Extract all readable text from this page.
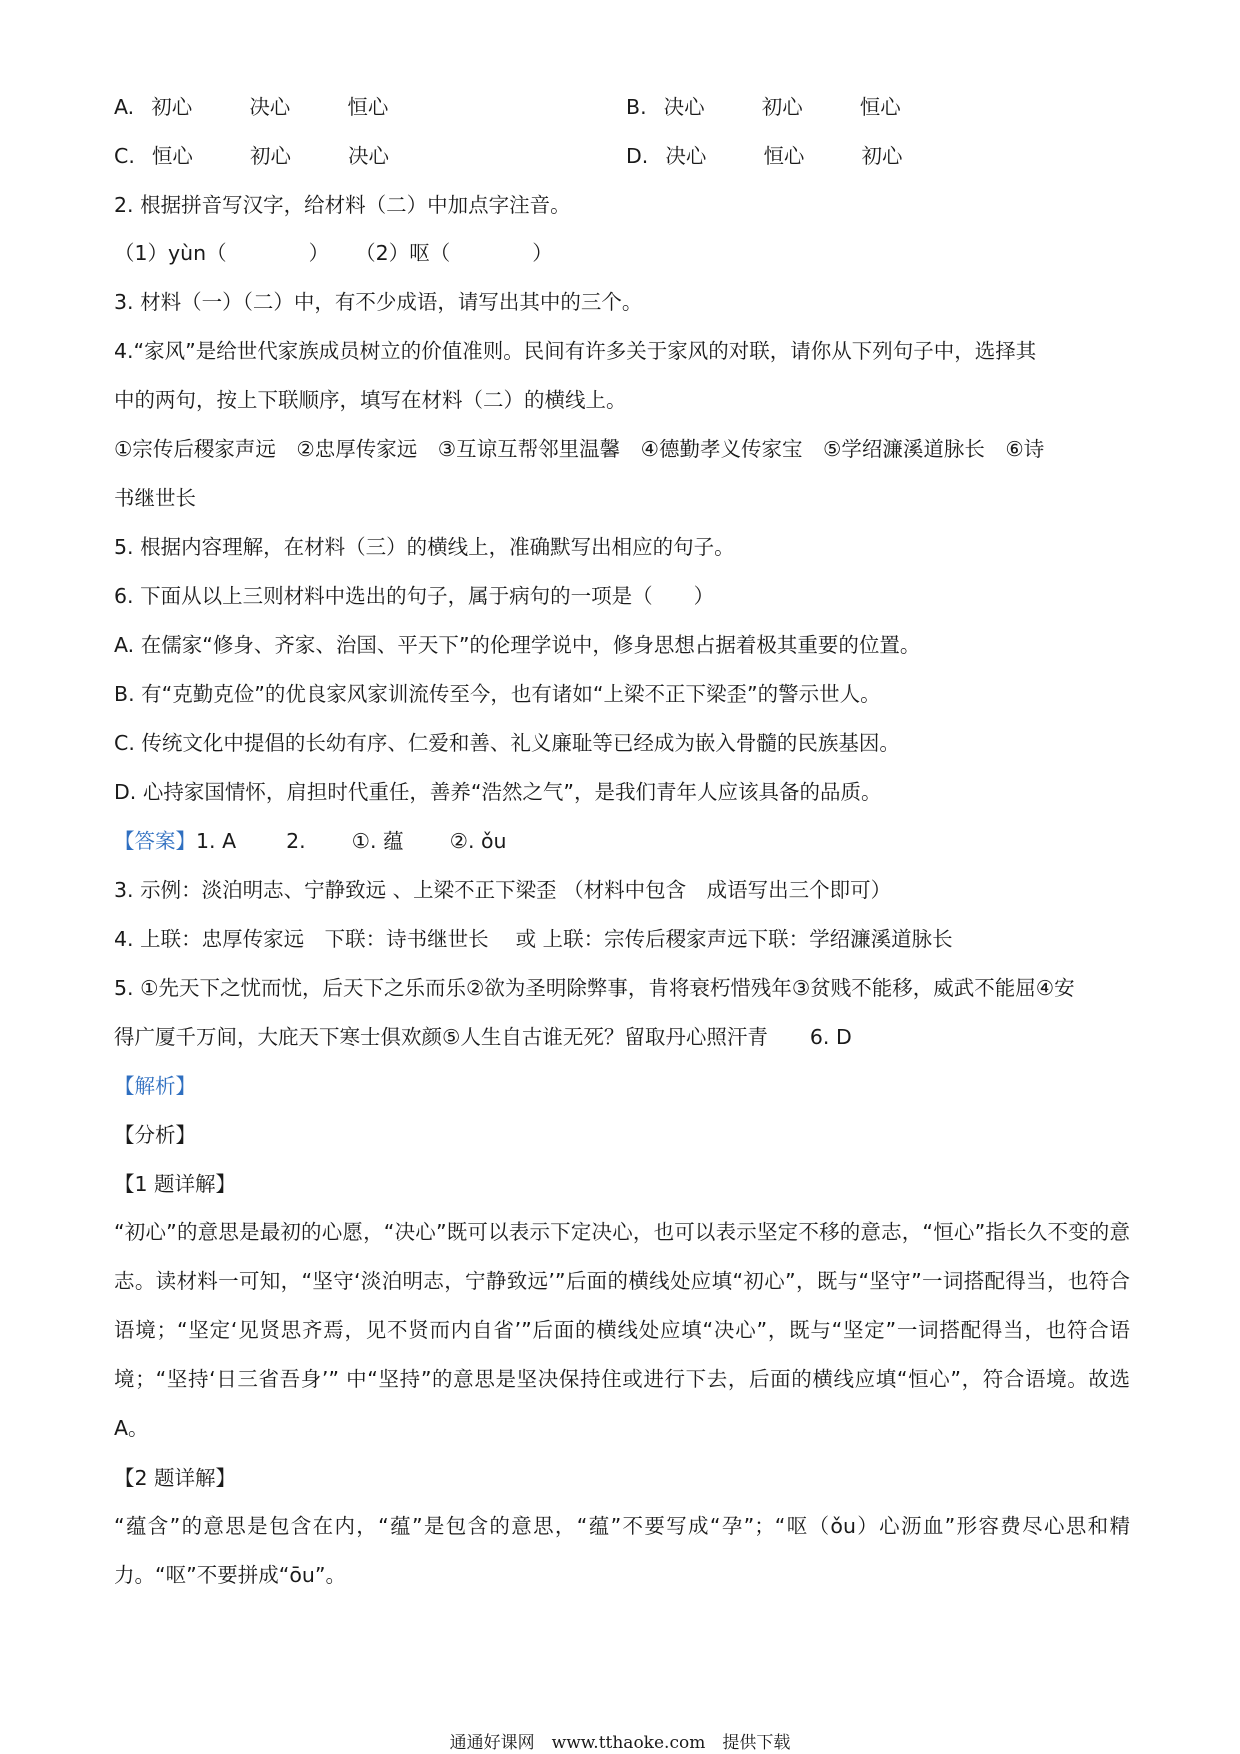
A. 初心	决心	恒心	B. 决心	初心	恒心
C. 恒心	初心	决心	D. 决心	恒心	初心
2. 根据拼音写汉字，给材料（二）中加点字注音。
（1）yùn（　　　　） （2）呕（　　　　）
3. 材料（一）（二）中，有不少成语，请写出其中的三个。
4.“家风”是给世代家族成员树立的价值准则。民间有许多关于家风的对联，请你从下列句子中，选择其
中的两句，按上下联顺序，填写在材料（二）的横线上。
①宗传后稷家声远　②忠厚传家远　③互谅互帮邻里温馨　④德勤孝义传家宝　⑤学绍濂溪道脉长　⑥诗
书继世长
5. 根据内容理解，在材料（三）的横线上，准确默写出相应的句子。
6. 下面从以上三则材料中选出的句子，属于病句的一项是（　　）
A. 在儒家“修身、齐家、治国、平天下”的伦理学说中，修身思想占据着极其重要的位置。
B. 有“克勤克俭”的优良家风家训流传至今，也有诸如“上梁不正下梁歪”的警示世人。
C. 传统文化中提倡的长幼有序、仁爱和善、礼义廉耻等已经成为嵌入骨髓的民族基因。
D. 心持家国情怀，肩担时代重任，善养“浩然之气”，是我们青年人应该具备的品质。
【答案】1. A 2. ①. 蕴 ②. ǒu
3. 示例：淡泊明志、宁静致远 、上梁不正下梁歪 （材料中包含　成语写出三个即可）
4. 上联：忠厚传家远　下联：诗书继世长　 或 上联：宗传后稷家声远下联：学绍濂溪道脉长
5. ①先天下之忧而忧，后天下之乐而乐②欲为圣明除弊事，肯将衰朽惜残年③贫贱不能移，威武不能屈④安
得广厦千万间，大庇天下寒士俱欢颜⑤人生自古谁无死？留取丹心照汗青 6. D
【解析】
【分析】
【1 题详解】
“初心”的意思是最初的心愿，“决心”既可以表示下定决心，也可以表示坚定不移的意志，“恒心”指长久不变的意志。读材料一可知，“坚守‘淡泊明志，宁静致远’”后面的横线处应填“初心”，既与“坚守”一词搭配得当，也符合语境；“坚定‘见贤思齐焉，见不贤而内自省’”后面的横线处应填“决心”，既与“坚定”一词搭配得当，也符合语境；“坚持‘日三省吾身’” 中“坚持”的意思是坚决保持住或进行下去，后面的横线应填“恒心”，符合语境。故选 A。
【2 题详解】
“蕴含”的意思是包含在内，“蕴”是包含的意思，“蕴”不要写成“孕”；“呕（ǒu）心沥血”形容费尽心思和精力。“呕”不要拼成“ōu”。
通通好课网　www.tthaoke.com　提供下载
